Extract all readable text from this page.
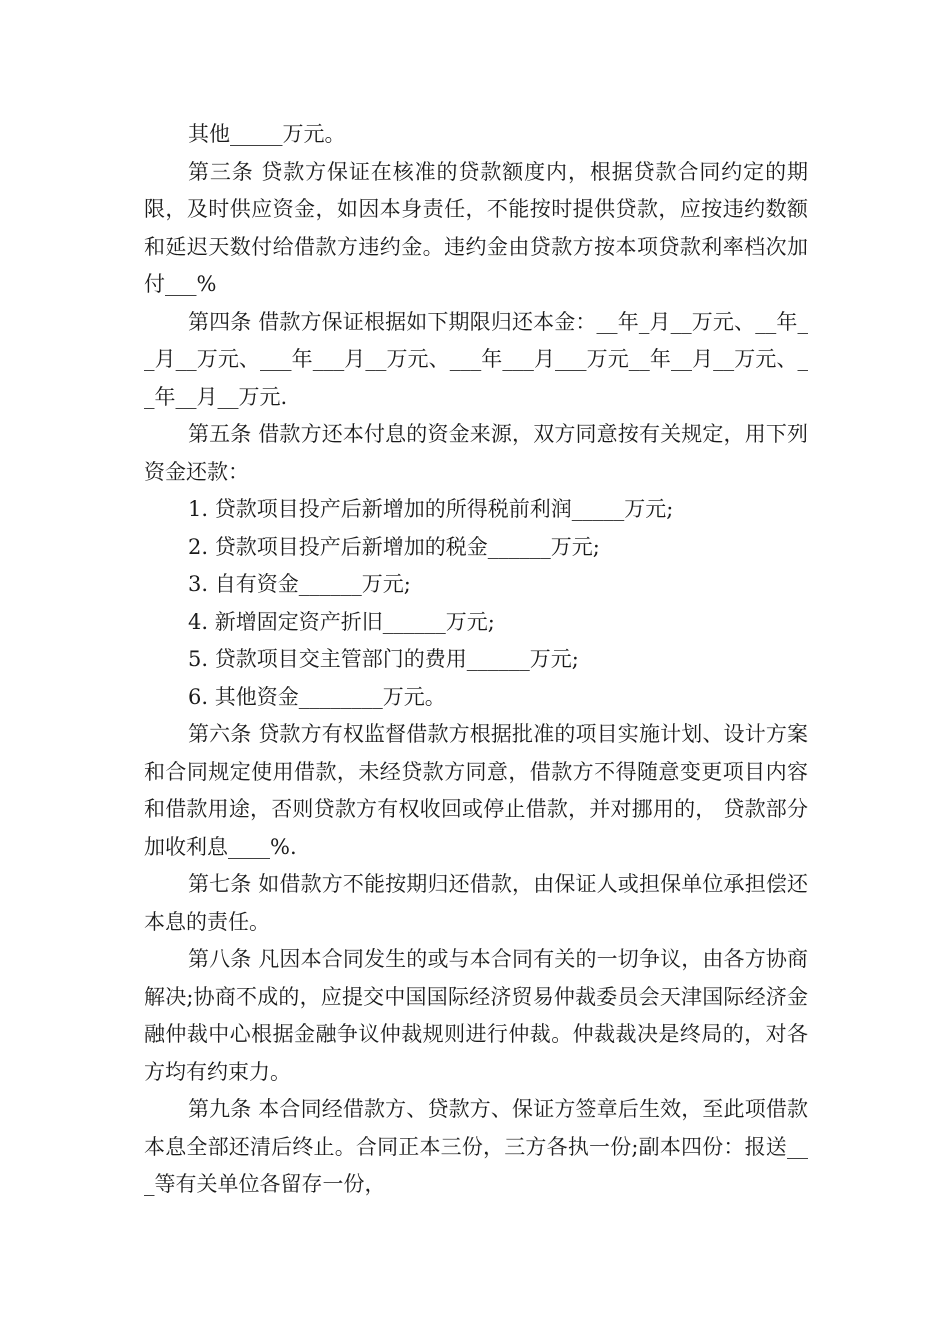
其他_____万元。

第三条 贷款方保证在核准的贷款额度内，根据贷款合同约定的期限，及时供应资金，如因本身责任，不能按时提供贷款，应按违约数额和延迟天数付给借款方违约金。违约金由贷款方按本项贷款利率档次加付___%

第四条 借款方保证根据如下期限归还本金：__年_月__万元、__年__月__万元、___年___月__万元、___年___月___万元__年__月__万元、__年__月__万元.

第五条 借款方还本付息的资金来源，双方同意按有关规定，用下列资金还款：

1. 贷款项目投产后新增加的所得税前利润_____万元;

2. 贷款项目投产后新增加的税金______万元;

3. 自有资金______万元;

4. 新增固定资产折旧______万元;

5. 贷款项目交主管部门的费用______万元;

6. 其他资金________万元。

第六条 贷款方有权监督借款方根据批准的项目实施计划、设计方案和合同规定使用借款，未经贷款方同意，借款方不得随意变更项目内容和借款用途，否则贷款方有权收回或停止借款，并对挪用的， 贷款部分 加收利息____%.

第七条 如借款方不能按期归还借款，由保证人或担保单位承担偿还本息的责任。

第八条 凡因本合同发生的或与本合同有关的一切争议，由各方协商解决;协商不成的，应提交中国国际经济贸易仲裁委员会天津国际经济金融仲裁中心根据金融争议仲裁规则进行仲裁。仲裁裁决是终局的，对各方均有约束力。

第九条 本合同经借款方、贷款方、保证方签章后生效，至此项借款本息全部还清后终止。合同正本三份，三方各执一份;副本四份：报送___等有关单位各留存一份，
